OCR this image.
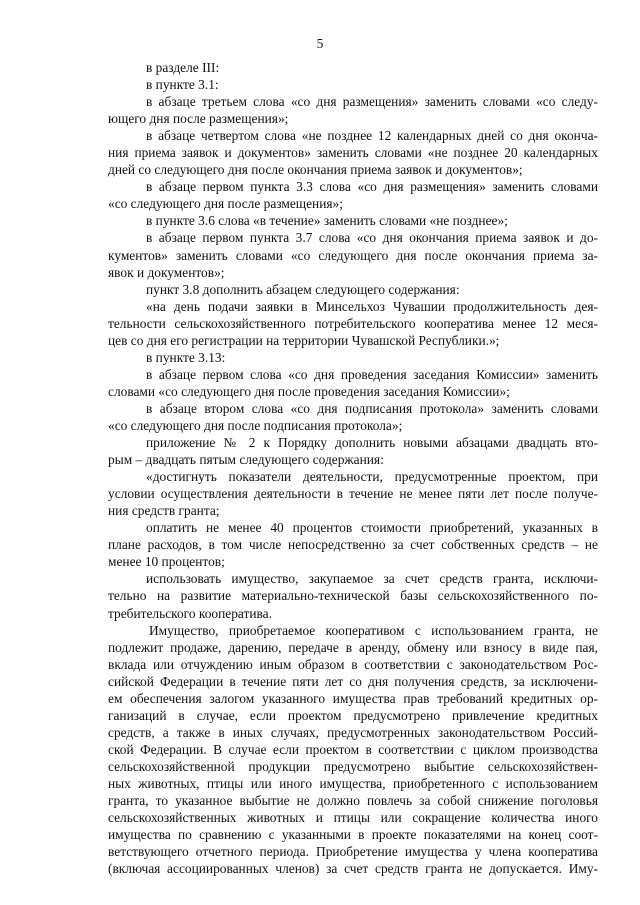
5
в разделе III:
в пункте 3.1:
в абзаце третьем слова «со дня размещения» заменить словами «со следу-
ющего дня после размещения»;
в абзаце четвертом слова «не позднее 12 календарных дней со дня оконча-
ния приема заявок и документов» заменить словами «не позднее 20 календарных
дней со следующего дня после окончания приема заявок и документов»;
в абзаце первом пункта 3.3 слова «со дня размещения» заменить словами
«со следующего дня после размещения»;
в пункте 3.6 слова «в течение» заменить словами «не позднее»;
в абзаце первом пункта 3.7 слова «со дня окончания приема заявок и до-
кументов» заменить словами «со следующего дня после окончания приема за-
явок и документов»;
пункт 3.8 дополнить абзацем следующего содержания:
«на день подачи заявки в Минсельхоз Чувашии продолжительность дея-
тельности сельскохозяйственного потребительского кооператива менее 12 меся-
цев со дня его регистрации на территории Чувашской Республики.»;
в пункте 3.13:
в абзаце первом слова «со дня проведения заседания Комиссии» заменить
словами «со следующего дня после проведения заседания Комиссии»;
в абзаце втором слова «со дня подписания протокола» заменить словами
«со следующего дня после подписания протокола»;
приложение № 2 к Порядку дополнить новыми абзацами двадцать вто-
рым – двадцать пятым следующего содержания:
«достигнуть показатели деятельности, предусмотренные проектом, при
условии осуществления деятельности в течение не менее пяти лет после получе-
ния средств гранта;
оплатить не менее 40 процентов стоимости приобретений, указанных в
плане расходов, в том числе непосредственно за счет собственных средств – не
менее 10 процентов;
использовать имущество, закупаемое за счет средств гранта, исключи-
тельно на развитие материально-технической базы сельскохозяйственного по-
требительского кооператива.
Имущество, приобретаемое кооперативом с использованием гранта, не
подлежит продаже, дарению, передаче в аренду, обмену или взносу в виде пая,
вклада или отчуждению иным образом в соответствии с законодательством Рос-
сийской Федерации в течение пяти лет со дня получения средств, за исключени-
ем обеспечения залогом указанного имущества прав требований кредитных ор-
ганизаций в случае, если проектом предусмотрено привлечение кредитных
средств, а также в иных случаях, предусмотренных законодательством Россий-
ской Федерации. В случае если проектом в соответствии с циклом производства
сельскохозяйственной продукции предусмотрено выбытие сельскохозяйствен-
ных животных, птицы или иного имущества, приобретенного с использованием
гранта, то указанное выбытие не должно повлечь за собой снижение поголовья
сельскохозяйственных животных и птицы или сокращение количества иного
имущества по сравнению с указанными в проекте показателями на конец соот-
ветствующего отчетного периода. Приобретение имущества у члена кооператива
(включая ассоциированных членов) за счет средств гранта не допускается. Иму-
